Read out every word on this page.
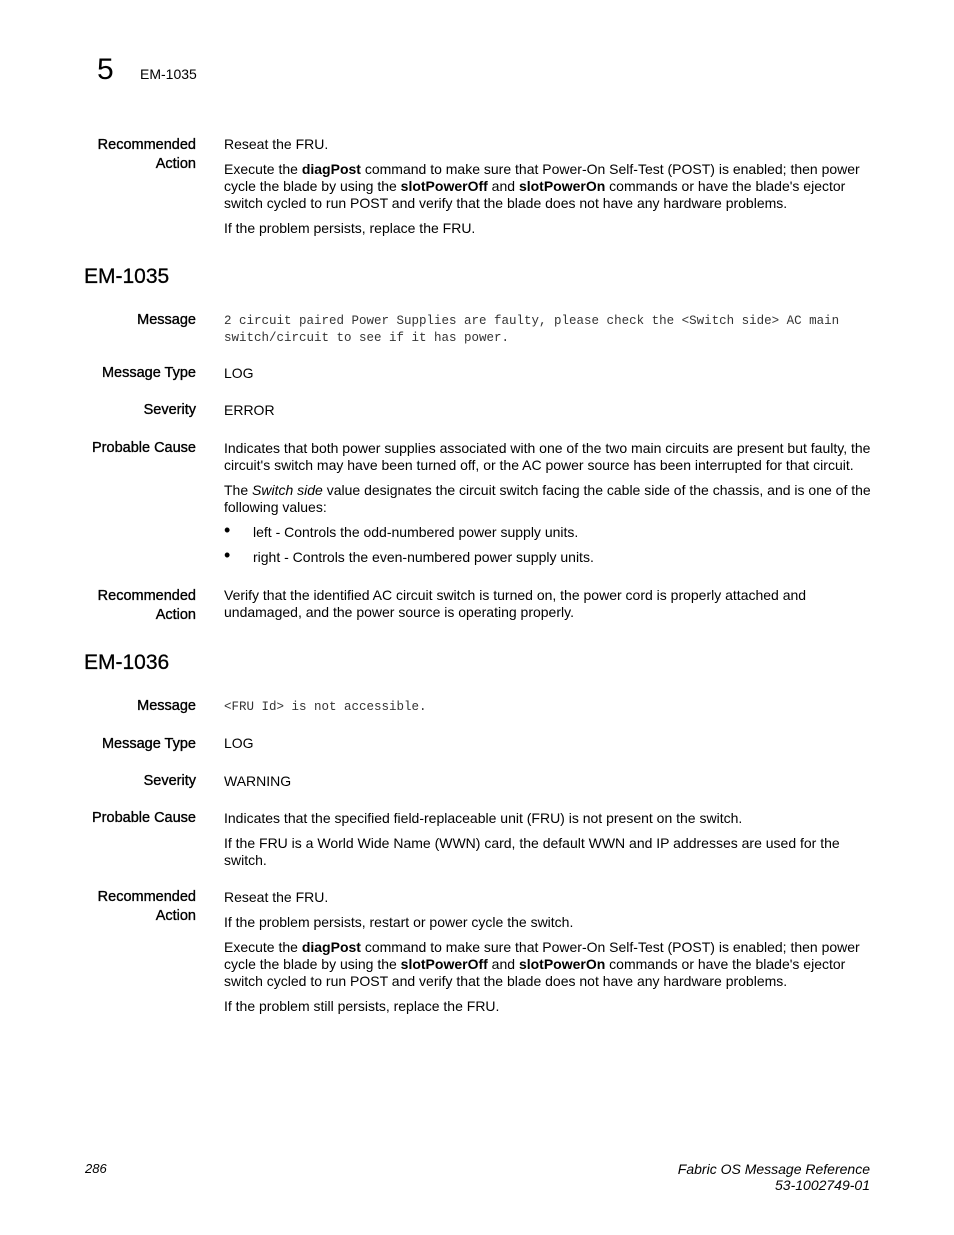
5 EM-1035
Recommended
Action

Reseat the FRU.

Execute the diagPost command to make sure that Power-On Self-Test (POST) is enabled; then power cycle the blade by using the slotPowerOff and slotPowerOn commands or have the blade's ejector switch cycled to run POST and verify that the blade does not have any hardware problems.

If the problem persists, replace the FRU.

EM-1035
Message 2 circuit paired Power Supplies are faulty, please check the <Switch side> AC main switch/circuit to see if it has power.
Message Type LOG
Severity ERROR
Probable Cause Indicates that both power supplies associated with one of the two main circuits are present but faulty, the circuit's switch may have been turned off, or the AC power source has been interrupted for that circuit.

The Switch side value designates the circuit switch facing the cable side of the chassis, and is one of the following values:

• left - Controls the odd-numbered power supply units.
• right - Controls the even-numbered power supply units.
Recommended
Action

Verify that the identified AC circuit switch is turned on, the power cord is properly attached and undamaged, and the power source is operating properly.

EM-1036
Message <FRU Id> is not accessible.
Message Type LOG
Severity WARNING
Probable Cause Indicates that the specified field-replaceable unit (FRU) is not present on the switch.

If the FRU is a World Wide Name (WWN) card, the default WWN and IP addresses are used for the switch.

Recommended
Action

Reseat the FRU.

If the problem persists, restart or power cycle the switch.

Execute the diagPost command to make sure that Power-On Self-Test (POST) is enabled; then power cycle the blade by using the slotPowerOff and slotPowerOn commands or have the blade's ejector switch cycled to run POST and verify that the blade does not have any hardware problems.

If the problem still persists, replace the FRU.

286	Fabric OS Message Reference
53-1002749-01
